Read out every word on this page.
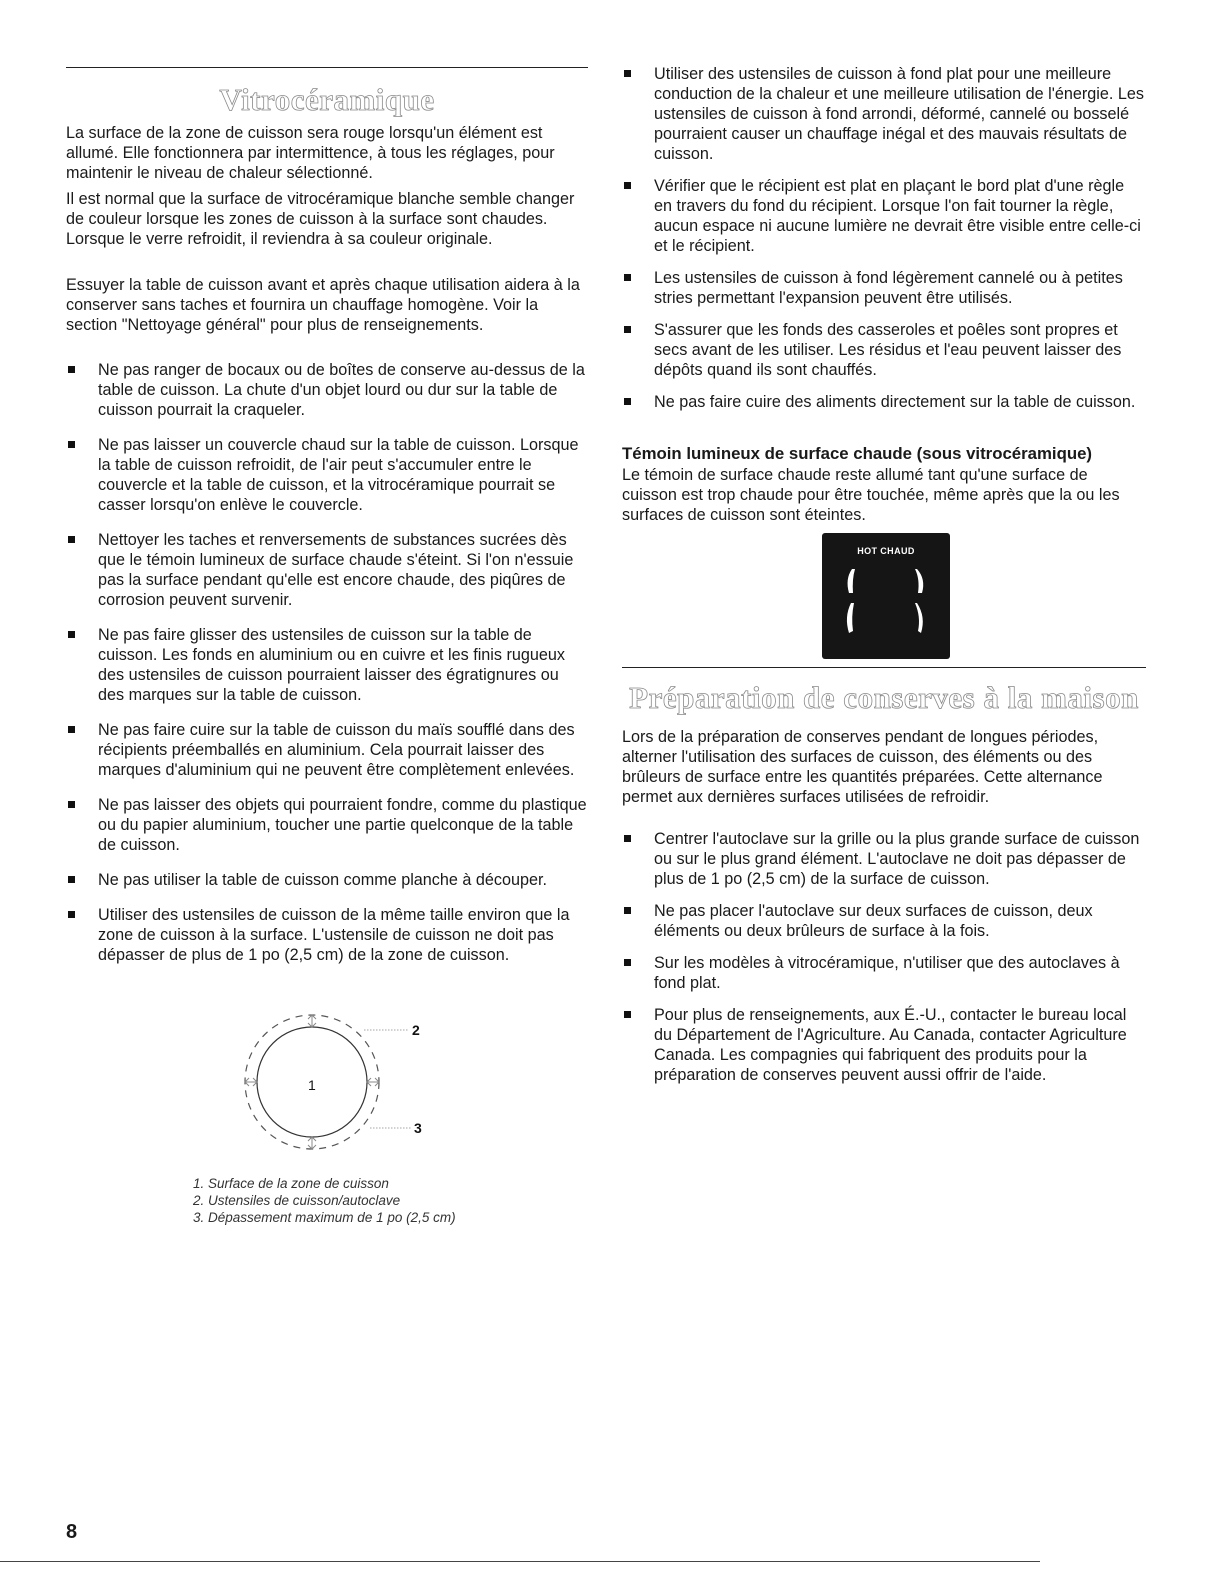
Vitrocéramique

La surface de la zone de cuisson sera rouge lorsqu'un élément est allumé. Elle fonctionnera par intermittence, à tous les réglages, pour maintenir le niveau de chaleur sélectionné.

Il est normal que la surface de vitrocéramique blanche semble changer de couleur lorsque les zones de cuisson à la surface sont chaudes. Lorsque le verre refroidit, il reviendra à sa couleur originale.

Essuyer la table de cuisson avant et après chaque utilisation aidera à la conserver sans taches et fournira un chauffage homogène. Voir la section "Nettoyage général" pour plus de renseignements.

Ne pas ranger de bocaux ou de boîtes de conserve au-dessus de la table de cuisson. La chute d'un objet lourd ou dur sur la table de cuisson pourrait la craqueler.
Ne pas laisser un couvercle chaud sur la table de cuisson. Lorsque la table de cuisson refroidit, de l'air peut s'accumuler entre le couvercle et la table de cuisson, et la vitrocéramique pourrait se casser lorsqu'on enlève le couvercle.
Nettoyer les taches et renversements de substances sucrées dès que le témoin lumineux de surface chaude s'éteint. Si l'on n'essuie pas la surface pendant qu'elle est encore chaude, des piqûres de corrosion peuvent survenir.
Ne pas faire glisser des ustensiles de cuisson sur la table de cuisson. Les fonds en aluminium ou en cuivre et les finis rugueux des ustensiles de cuisson pourraient laisser des égratignures ou des marques sur la table de cuisson.
Ne pas faire cuire sur la table de cuisson du maïs soufflé dans des récipients préemballés en aluminium. Cela pourrait laisser des marques d'aluminium qui ne peuvent être complètement enlevées.
Ne pas laisser des objets qui pourraient fondre, comme du plastique ou du papier aluminium, toucher une partie quelconque de la table de cuisson.
Ne pas utiliser la table de cuisson comme planche à découper.
Utiliser des ustensiles de cuisson de la même taille environ que la zone de cuisson à la surface. L'ustensile de cuisson ne doit pas dépasser de plus de 1 po (2,5 cm) de la zone de cuisson.
1
2
3
1. Surface de la zone de cuisson
2. Ustensiles de cuisson/autoclave
3. Dépassement maximum de 1 po (2,5 cm)
Utiliser des ustensiles de cuisson à fond plat pour une meilleure conduction de la chaleur et une meilleure utilisation de l'énergie. Les ustensiles de cuisson à fond arrondi, déformé, cannelé ou bosselé pourraient causer un chauffage inégal et des mauvais résultats de cuisson.
Vérifier que le récipient est plat en plaçant le bord plat d'une règle en travers du fond du récipient. Lorsque l'on fait tourner la règle, aucun espace ni aucune lumière ne devrait être visible entre celle-ci et le récipient.
Les ustensiles de cuisson à fond légèrement cannelé ou à petites stries permettant l'expansion peuvent être utilisés.
S'assurer que les fonds des casseroles et poêles sont propres et secs avant de les utiliser. Les résidus et l'eau peuvent laisser des dépôts quand ils sont chauffés.
Ne pas faire cuire des aliments directement sur la table de cuisson.
Témoin lumineux de surface chaude (sous vitrocéramique)

Le témoin de surface chaude reste allumé tant qu'une surface de cuisson est trop chaude pour être touchée, même après que la ou les surfaces de cuisson sont éteintes.

Préparation de conserves à la maison

Lors de la préparation de conserves pendant de longues périodes, alterner l'utilisation des surfaces de cuisson, des éléments ou des brûleurs de surface entre les quantités préparées. Cette alternance permet aux dernières surfaces utilisées de refroidir.

Centrer l'autoclave sur la grille ou la plus grande surface de cuisson ou sur le plus grand élément. L'autoclave ne doit pas dépasser de plus de 1 po (2,5 cm) de la surface de cuisson.
Ne pas placer l'autoclave sur deux surfaces de cuisson, deux éléments ou deux brûleurs de surface à la fois.
Sur les modèles à vitrocéramique, n'utiliser que des autoclaves à fond plat.
Pour plus de renseignements, aux É.-U., contacter le bureau local du Département de l'Agriculture. Au Canada, contacter Agriculture Canada. Les compagnies qui fabriquent des produits pour la préparation de conserves peuvent aussi offrir de l'aide.
HOT CHAUD
8
